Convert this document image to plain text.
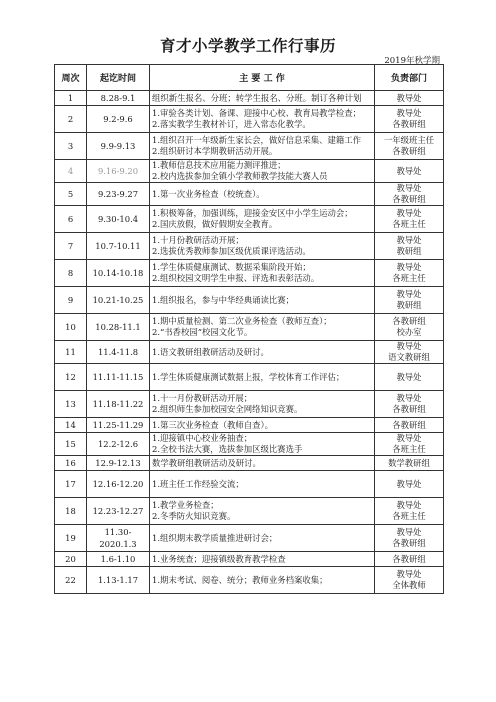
育才小学教学工作行事历
2019年秋学期
周次	起讫时间	主 要 工 作	负责部门
1	8.28-9.1	组织新生报名、分班；转学生报名、分班。制订各种计划	教导处

2	9.2-9.6	1.审验各类计划、备课、迎接中心校、教育局教学检查；
2.落实教学生教材补订，进入常态化教学。	教导处
各教研组

3	9.9-9.13	1.组织召开一年级新生家长会，做好信息采集、建籍工作
2.组织研讨本学期教研活动开展。	一年级班主任
各教研组

4	9.16-9.20	1.教师信息技术应用能力测评推进；
2.校内选拔参加全镇小学教师教学技能大赛人员	教导处

5	9.23-9.27	1.第一次业务检查（校统查）。	教导处
各教研组

6	9.30-10.4	1.积极筹备，加强训练，迎接金安区中小学生运动会；
2.国庆放假，做好假期安全教育。	教导处
各班主任

7	10.7-10.11	1.十月份教研活动开展；
2.选拔优秀教师参加区级优质课评选活动。	教导处
教研组

8	10.14-10.18	1.学生体质健康测试、数据采集阶段开始；
2.组织校园文明学生申报、评选和表彰活动。	教导处
各班主任

9	10.21-10.25	1.组织报名，参与中华经典诵读比赛；	教导处
教研组

10	10.28-11.1	1.期中质量检测、第二次业务检查（教师互查）；
2.“书香校园”校园文化节。	各教研组
校办室

11	11.4-11.8	1.语文教研组教研活动及研讨。	教导处
语文教研组

12	11.11-11.15	1.学生体质健康测试数据上报，学校体育工作评估；	教导处

13	11.18-11.22	1.十一月份教研活动开展；
2.组织师生参加校园安全网络知识竞赛。	教导处
各教研组

14	11.25-11.29	1.第三次业务检查（教师自查）。	各教研组

15	12.2-12.6	1.迎接镇中心校业务抽查；
2.全校书法大赛，选拔参加区级比赛选手	教导处
各班主任

16	12.9-12.13	数学教研组教研活动及研讨。	数学教研组

17	12.16-12.20	1.班主任工作经验交流；	教导处

18	12.23-12.27	1.教学业务检查；
2.冬季防火知识竞赛。	教导处
各班主任

19	11.30-
2020.1.3	1.组织期末教学质量推进研讨会；	教导处
各教研组

20	1.6-1.10	1.业务统查；迎接镇级教育教学检查	各教研组

22	1.13-1.17	1.期末考试、阅卷、统分；教师业务档案收集；	教导处
全体教师
